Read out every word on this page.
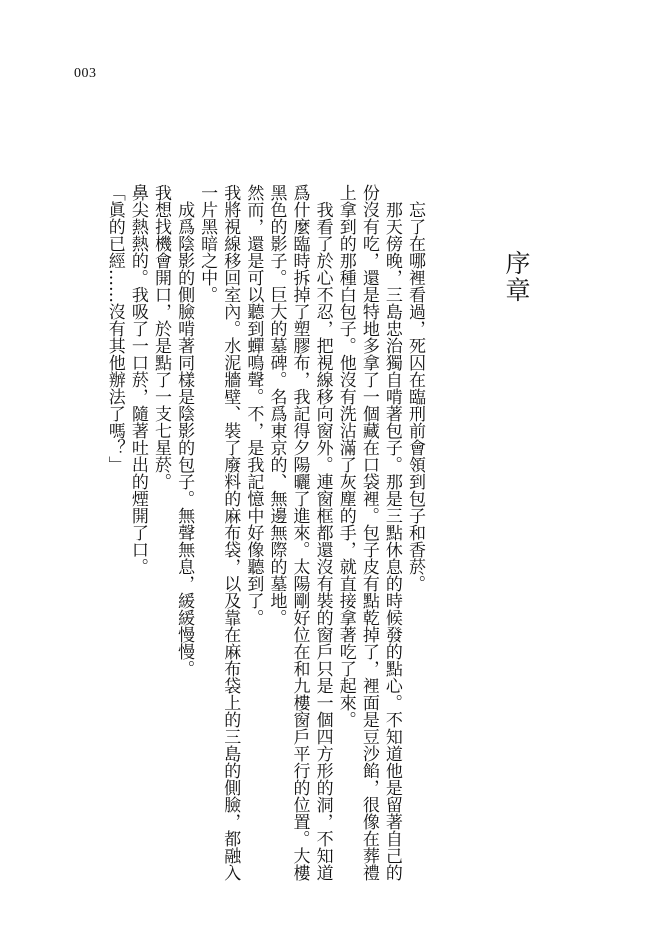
003
序章

忘了在哪裡看過，死囚在臨刑前會領到包子和香菸。

那天傍晚，三島忠治獨自啃著包子。那是三點休息的時候發的點心。不知道他是留著自己的份沒有吃，還是特地多拿了一個藏在口袋裡。包子皮有點乾掉了，裡面是豆沙餡，很像在葬禮上拿到的那種白包子。他沒有洗沾滿了灰塵的手，就直接拿著吃了起來。

我看了於心不忍，把視線移向窗外。連窗框都還沒有裝的窗戶只是一個四方形的洞，不知道爲什麼臨時拆掉了塑膠布，我記得夕陽曬了進來。太陽剛好位在和九樓窗戶平行的位置。大樓黑色的影子。巨大的墓碑。名爲東京的、無邊無際的墓地。

然而，還是可以聽到蟬鳴聲。不，是我記憶中好像聽到了。

我將視線移回室內。水泥牆壁、裝了廢料的麻布袋，以及靠在麻布袋上的三島的側臉，都融入一片黑暗之中。

成爲陰影的側臉啃著同樣是陰影的包子。無聲無息，緩緩慢慢。

我想找機會開口，於是點了一支七星菸。

鼻尖熱熱的。我吸了一口菸，隨著吐出的煙開了口。

「眞的已經……沒有其他辦法了嗎？」
